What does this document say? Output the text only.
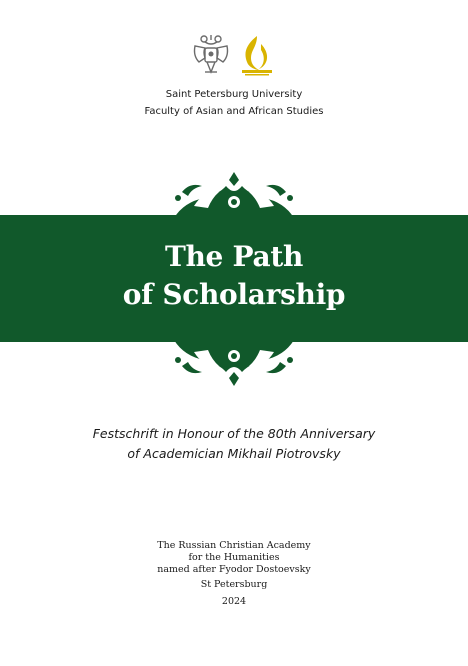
Saint Petersburg University
Faculty of Asian and African Studies
The Path
of Scholarship
Festschrift in Honour of the 80th Anniversary
of Academician Mikhail Piotrovsky
The Russian Christian Academy
for the Humanities
named after Fyodor Dostoevsky
St Petersburg
2024
